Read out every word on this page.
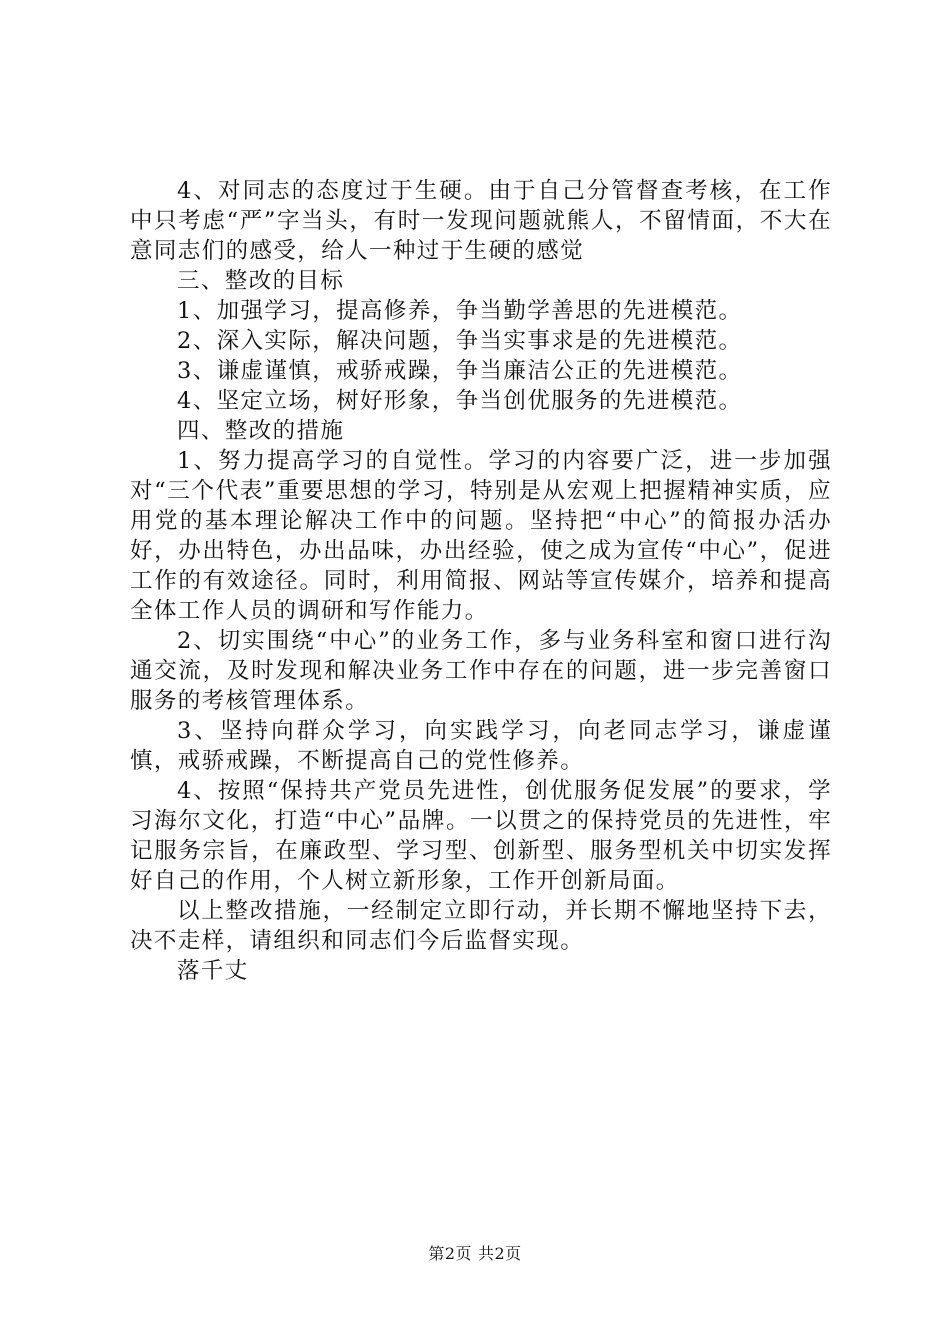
4、对同志的态度过于生硬。由于自己分管督查考核，在工作中只考虑“严”字当头，有时一发现问题就熊人，不留情面，不大在意同志们的感受，给人一种过于生硬的感觉

三、整改的目标

1、加强学习，提高修养，争当勤学善思的先进模范。

2、深入实际，解决问题，争当实事求是的先进模范。

3、谦虚谨慎，戒骄戒躁，争当廉洁公正的先进模范。

4、坚定立场，树好形象，争当创优服务的先进模范。

四、整改的措施

1、努力提高学习的自觉性。学习的内容要广泛，进一步加强对“三个代表”重要思想的学习，特别是从宏观上把握精神实质，应用党的基本理论解决工作中的问题。坚持把“中心”的简报办活办好，办出特色，办出品味，办出经验，使之成为宣传“中心”，促进工作的有效途径。同时，利用简报、网站等宣传媒介，培养和提高全体工作人员的调研和写作能力。

2、切实围绕“中心”的业务工作，多与业务科室和窗口进行沟通交流，及时发现和解决业务工作中存在的问题，进一步完善窗口服务的考核管理体系。

3、坚持向群众学习，向实践学习，向老同志学习，谦虚谨慎，戒骄戒躁，不断提高自己的党性修养。

4、按照“保持共产党员先进性，创优服务促发展”的要求，学习海尔文化，打造“中心”品牌。一以贯之的保持党员的先进性，牢记服务宗旨，在廉政型、学习型、创新型、服务型机关中切实发挥好自己的作用，个人树立新形象，工作开创新局面。

以上整改措施，一经制定立即行动，并长期不懈地坚持下去，决不走样，请组织和同志们今后监督实现。

落千丈

第2页 共2页
